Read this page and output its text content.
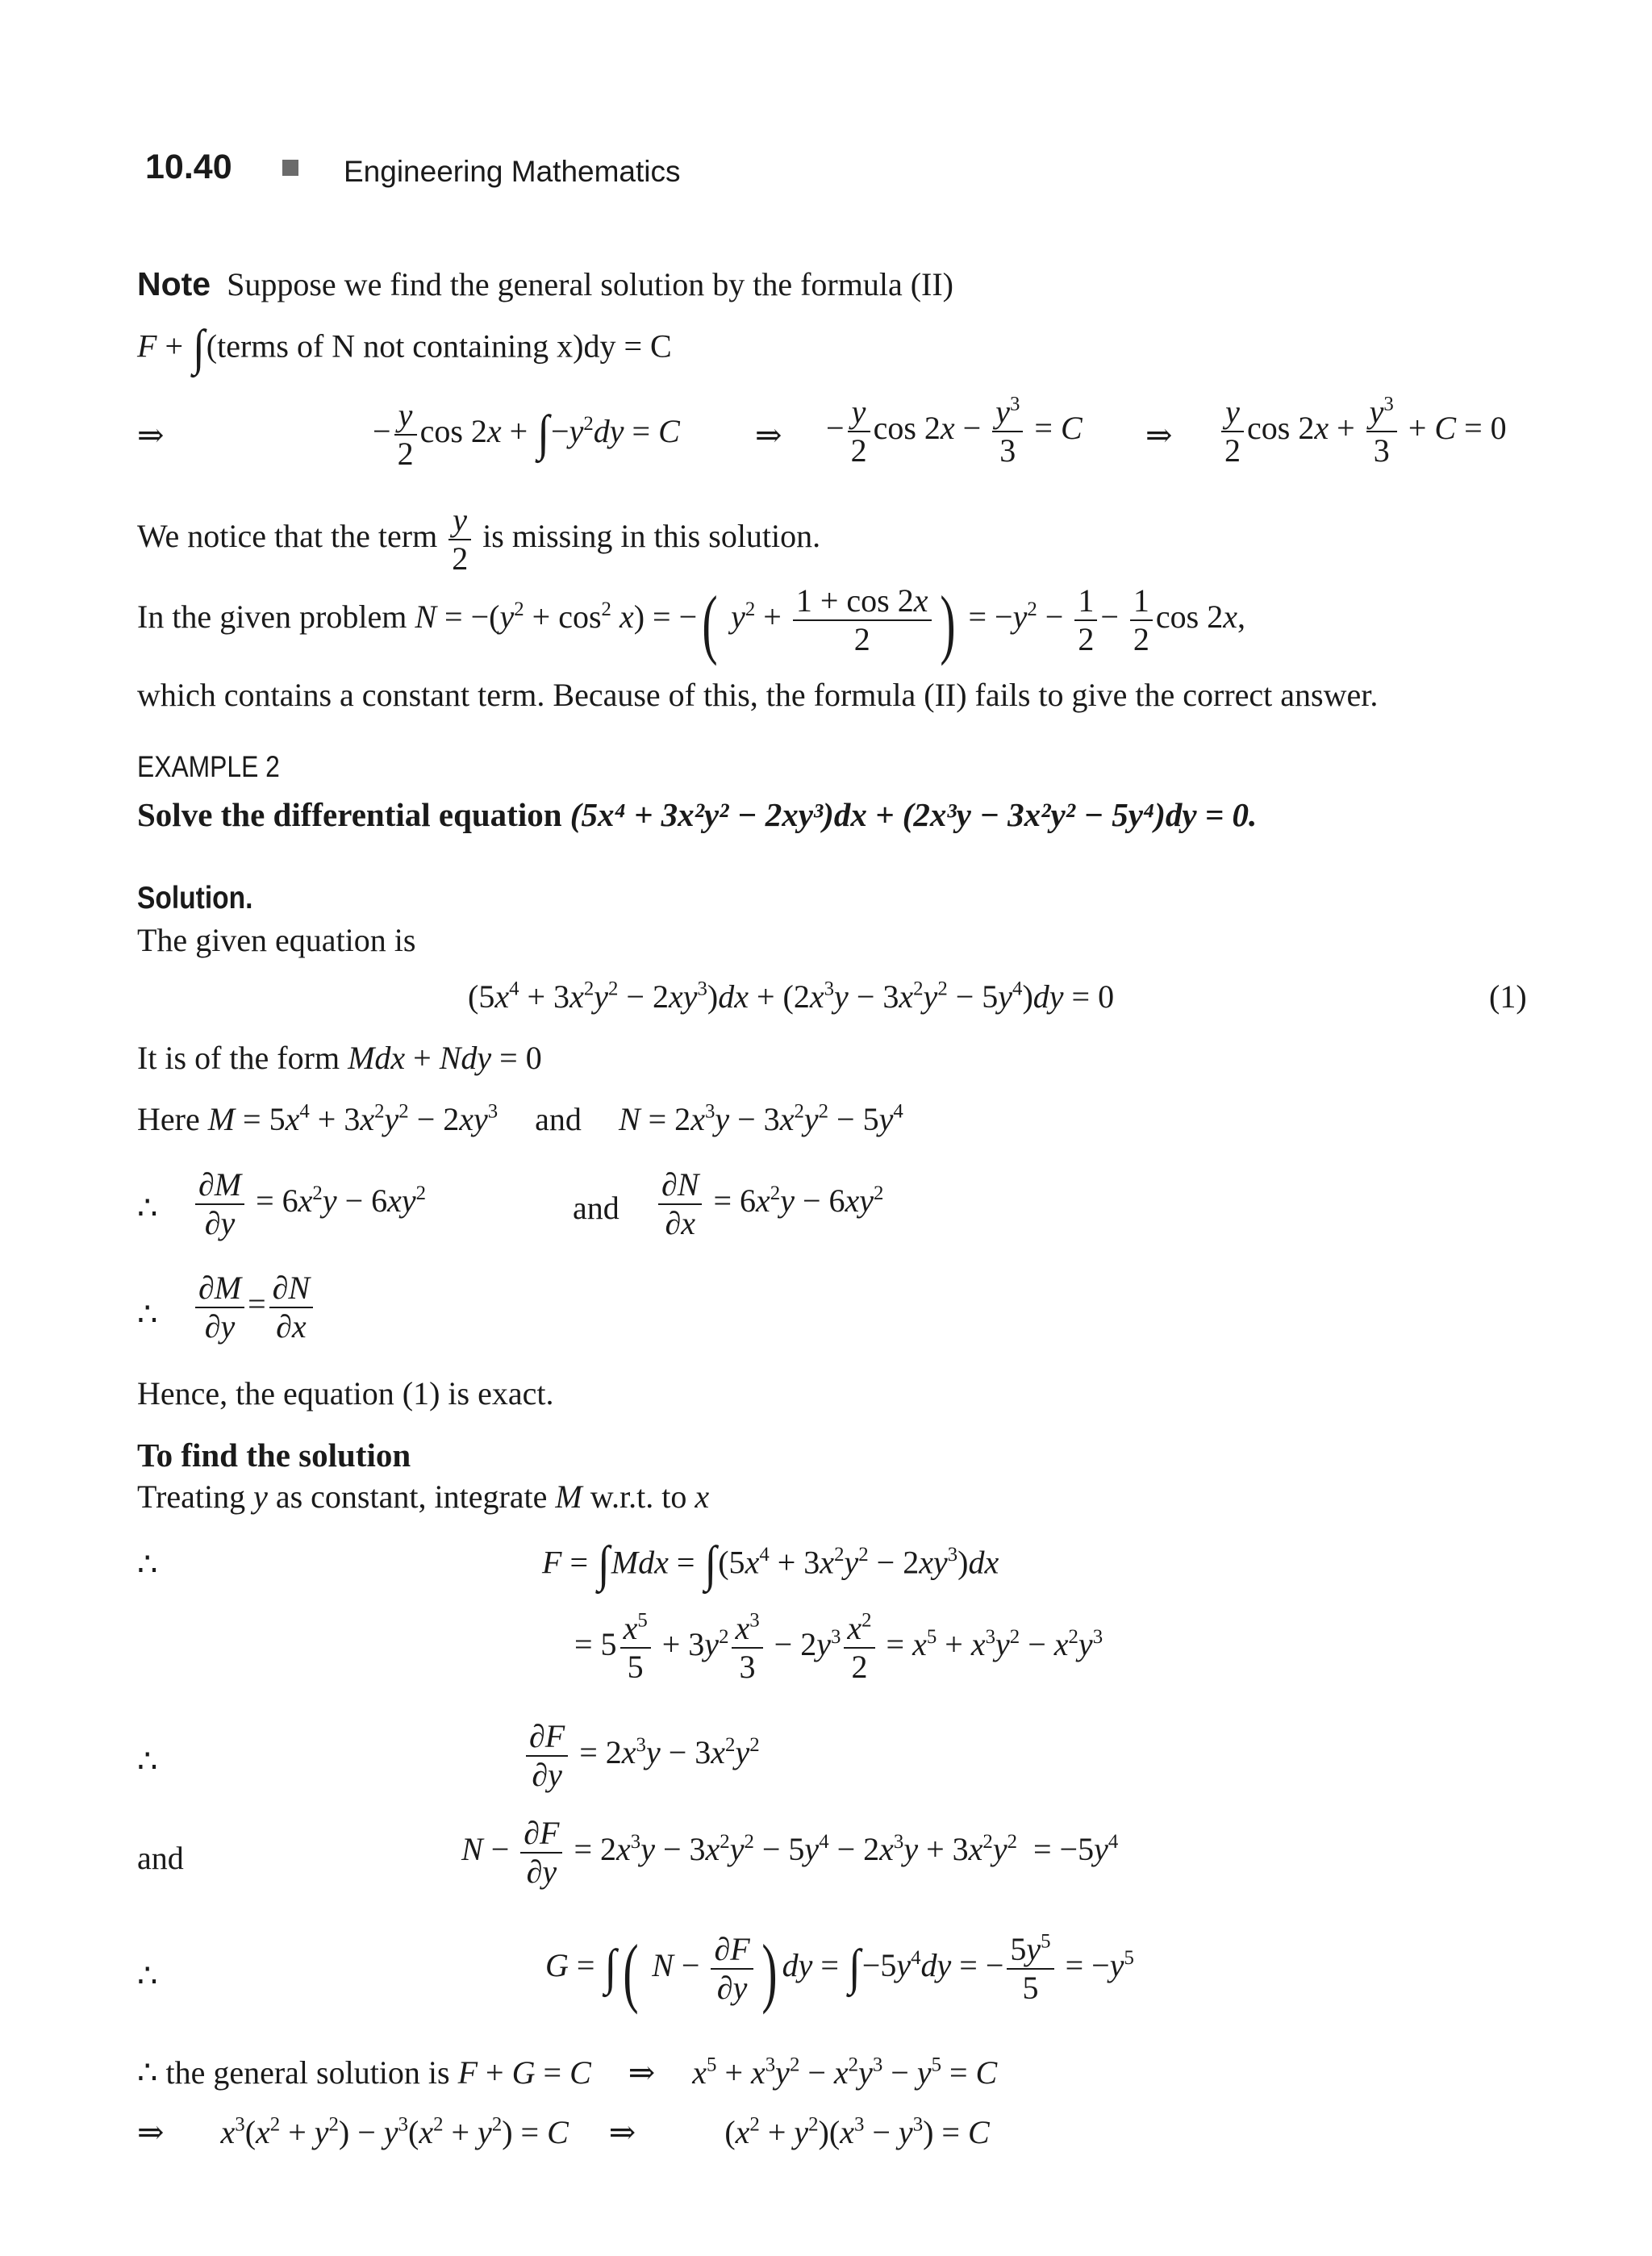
10.40	Engineering Mathematics
Note Suppose we find the general solution by the formula (II)
F + ∫(terms of N not containing x)dy = C
⇒	− $\frac{y}{2}$ $\cos 2x + \int-y^2dy = C$ ⇒ − $\frac{y}{2}$ $\cos 2x - \frac{y^3}{3} = C$ ⇒ $\frac{y}{2}$ $\cos 2x + \frac{y^3}{3} + C = 0$
We notice that the term $\frac{y}{2}$ is missing in this solution.
In the given problem $N = -(y^2 + \cos^2 x)$ = −( $y^2 + \frac{1 + \cos 2x}{2}$ ) = $-y^2 - \frac{1}{2} - \frac{1}{2}$ cos 2x,
which contains a constant term. Because of this, the formula (II) fails to give the correct answer.
EXAMPLE 2
Solve the differential equation (5x⁴ + 3x²y² − 2xy³)dx + (2x³y − 3x²y² − 5y⁴)dy = 0.
Solution.
The given equation is
$(5x^4 + 3x^2y^2 - 2xy^3)dx + (2x^3y - 3x^2y^2 - 5y^4)dy = 0$	(1)
It is of the form Mdx + Ndy = 0
Here $M = 5x^4 + 3x^2y^2 - 2xy^3$ and $N = 2x^3y - 3x^2y^2 - 5y^4$
∴ $\frac{\partial M}{\partial y} = 6x^2y - 6xy^2$	and $\frac{\partial N}{\partial x} = 6x^2y - 6xy^2$
∴ $\frac{\partial M}{\partial y} = \frac{\partial N}{\partial x}$
Hence, the equation (1) is exact.
To find the solution
Treating y as constant, integrate M w.r.t. to x
∴	$F = \int Mdx = \int(5x^4 + 3x^2y^2 - 2xy^3)dx$
= $5 \frac{x^5}{5} + 3y^2 \frac{x^3}{3} - 2y^3 \frac{x^2}{2} = x^5 + x^3y^2 - x^2y^3$
∴	$\frac{\partial F}{\partial y} = 2x^3y - 3x^2y^2$
and	$N - \frac{\partial F}{\partial y} = 2x^3y - 3x^2y^2 - 5y^4 - 2x^3y + 3x^2y^2 = -5y^4$
∴	G = ∫( $N - \frac{\partial F}{\partial y}$ ) dy = $\int-5y^4dy$ = − $\frac{5y^5}{5} = -y^5$
∴ the general solution is F + G = C ⇒ $x^5 + x^3y^2 - x^2y^3 - y^5 = C$
⇒ $x^3(x^2 + y^2) - y^3(x^2 + y^2) = C$ ⇒	$(x^2 + y^2)(x^3 - y^3) = C$
